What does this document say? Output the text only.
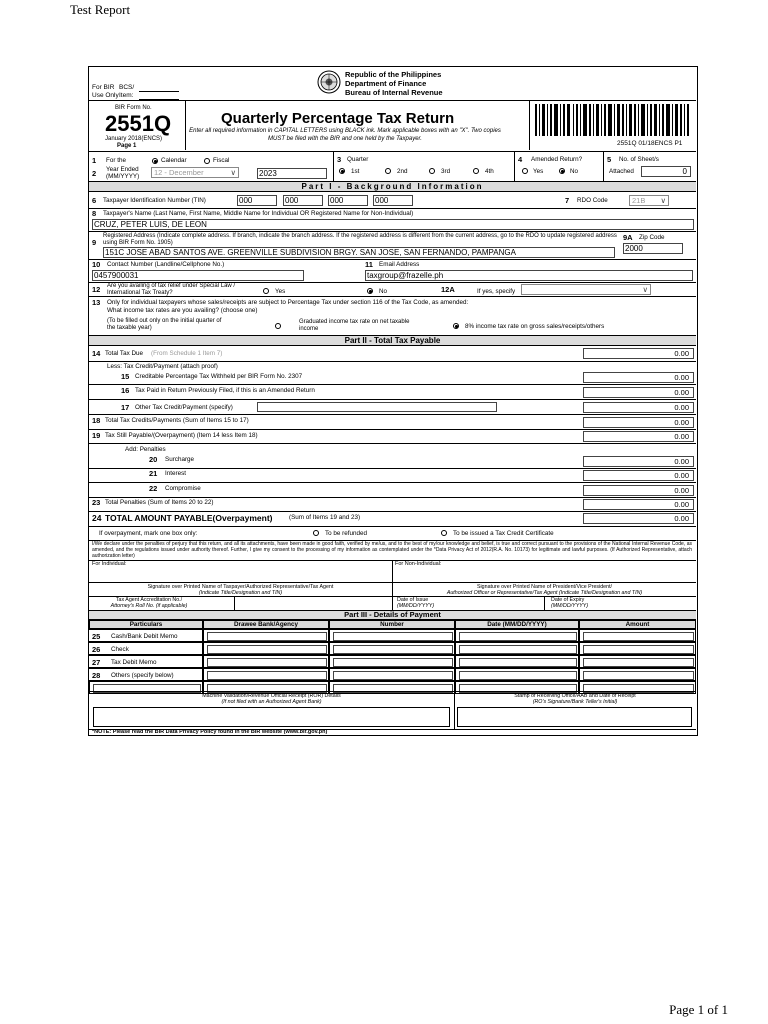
Test Report
For BIR
Use Only
BCS/
Item:
Republic of the Philippines
Department of Finance
Bureau of Internal Revenue
BIR Form No.
2551Q
January 2018(ENCS)
Page 1
Quarterly Percentage Tax Return
Enter all required information in CAPITAL LETTERS using BLACK ink. Mark applicable boxes with an "X". Two copies MUST be filed with the BIR and one held by the Taxpayer.
2551Q 01/18ENCS P1
1 For the	Calendar	Fiscal
2 Year Ended
(MM/YYYY)	12 - December	∨	2023
3 Quarter
1st	2nd	3rd	4th
4 Amended Return?
Yes	No
5 No. of Sheet/s
Attached	0
Part I - Background Information
6 Taxpayer Identification Number (TIN)	000	000	000	000	7 RDO Code	21B ∨
8 Taxpayer's Name (Last Name, First Name, Middle Name for Individual OR Registered Name for Non-Individual)
CRUZ, PETER LUIS, DE LEON
9
Registered Address (Indicate complete address. If branch, indicate the branch address. If the registered address is different from the current address, go to the RDO to update registered address using BIR Form No. 1905)
151C JOSE ABAD SANTOS AVE. GREENVILLE SUBDIVISION BRGY. SAN JOSE, SAN FERNANDO, PAMPANGA
9A Zip Code
2000
10 Contact Number (Landline/Cellphone No.)
0457900031
11 Email Address
taxgroup@frazelle.ph
12 Are you availing of tax relief under Special Law / International Tax Treaty?	Yes	No	12A	If yes, specify	∨
13 Only for individual taxpayers whose sales/receipts are subject to Percentage Tax under section 116 of the Tax Code, as amended:
What income tax rates are you availing? (choose one)
(To be filled out only on the initial quarter of the taxable year)
Graduated income tax rate on net taxable income	8% income tax rate on gross sales/receipts/others
Part II - Total Tax Payable
14 Total Tax Due (From Schedule 1 Item 7)	0.00
Less: Tax Credit/Payment (attach proof)
15 Creditable Percentage Tax Withheld per BIR Form No. 2307	0.00
16 Tax Paid in Return Previously Filed, if this is an Amended Return	0.00
17 Other Tax Credit/Payment (specify)	0.00
18 Total Tax Credits/Payments (Sum of Items 15 to 17)	0.00
19 Tax Still Payable/(Overpayment) (Item 14 less Item 18)	0.00
Add: Penalties
20 Surcharge	0.00
21 Interest	0.00
22 Compromise	0.00
23 Total Penalties (Sum of Items 20 to 22)	0.00
24 TOTAL AMOUNT PAYABLE(Overpayment)	(Sum of Items 19 and 23)	0.00
If overpayment, mark one box only:	To be refunded	To be issued a Tax Credit Certificate
I/We declare under the penalties of perjury that this return, and all its attachments, have been made in good faith, verified by me/us, and to the best of my/our knowledge and belief, is true and correct pursuant to the provisions of the National Internal Revenue Code, as amended, and the regulations issued under authority thereof. Further, I give my consent to the processing of my information as contemplated under the *Data Privacy Act of 2012(R.A. No. 10173) for legitimate and lawful purposes. (If Authorized Representative, attach authorization letter)
For Individual:	For Non-Individual:
Signature over Printed Name of Taxpayer/Authorized Representative/Tax Agent
(Indicate Title/Designation and TIN)
Signature over Printed Name of President/Vice President/
Authorized Officer or Representative/Tax Agent (Indicate Title/Designation and TIN)
Tax Agent Accreditation No./
Attorney's Roll No. (if applicable)
Date of Issue
(MM/DD/YYYY)
Date of Expiry
(MM/DD/YYYY)
Part III - Details of Payment
Particulars	Drawee Bank/Agency	Number	Date (MM/DD/YYYY)	Amount
25 Cash/Bank Debit Memo
26 Check
27 Tax Debit Memo
28 Others (specify below)
Machine Validation/Revenue Official Receipt (ROR) Details
(If not filed with an Authorized Agent Bank)
Stamp of Receiving Office/AAB and Date of Receipt
(RO's Signature/Bank Teller's Initial)
*NOTE: Please read the BIR Data Privacy Policy found in the BIR website (www.bir.gov.ph)
Page 1 of 1
